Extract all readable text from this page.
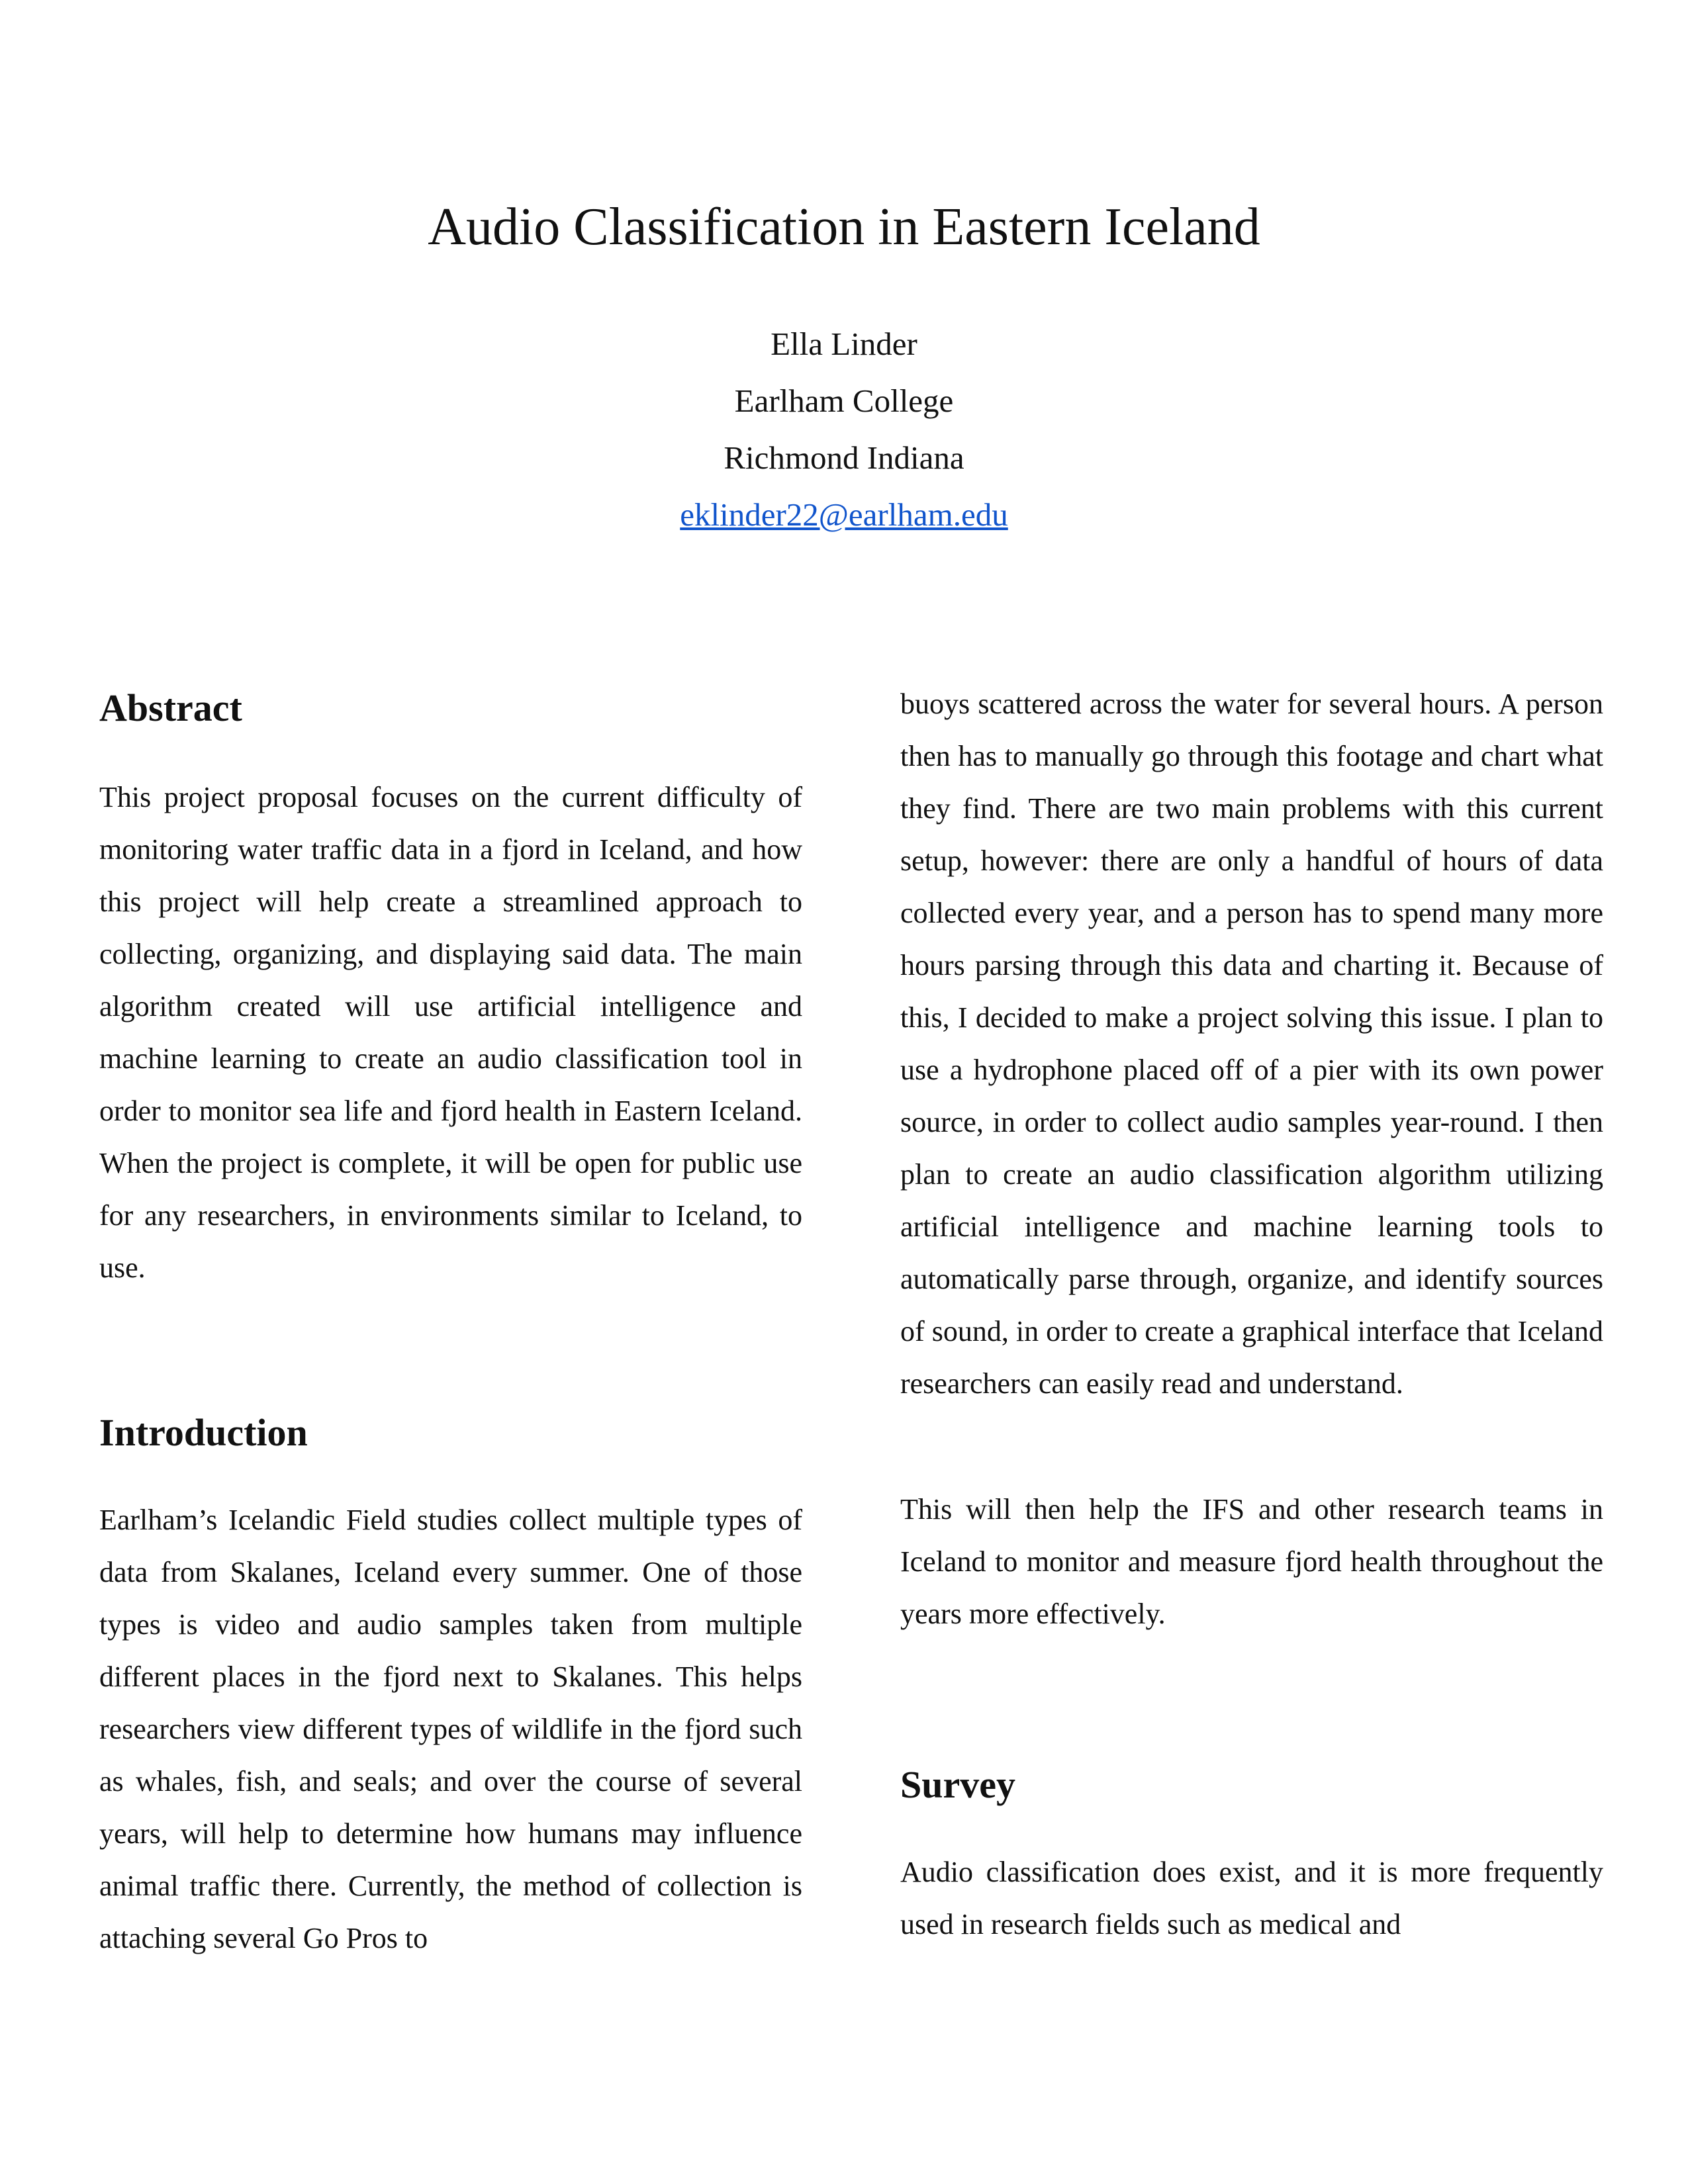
Audio Classification in Eastern Iceland

Ella Linder

Earlham College

Richmond Indiana

eklinder22@earlham.edu
Abstract

This project proposal focuses on the current difficulty of monitoring water traffic data in a fjord in Iceland, and how this project will help create a streamlined approach to collecting, organizing, and displaying said data. The main algorithm created will use artificial intelligence and machine learning to create an audio classification tool in order to monitor sea life and fjord health in Eastern Iceland. When the project is complete, it will be open for public use for any researchers, in environments similar to Iceland, to use.

Introduction

Earlham’s Icelandic Field studies collect multiple types of data from Skalanes, Iceland every summer. One of those types is video and audio samples taken from multiple different places in the fjord next to Skalanes. This helps researchers view different types of wildlife in the fjord such as whales, fish, and seals; and over the course of several years, will help to determine how humans may influence animal traffic there. Currently, the method of collection is attaching several Go Pros to

buoys scattered across the water for several hours. A person then has to manually go through this footage and chart what they find. There are two main problems with this current setup, however: there are only a handful of hours of data collected every year, and a person has to spend many more hours parsing through this data and charting it. Because of this, I decided to make a project solving this issue. I plan to use a hydrophone placed off of a pier with its own power source, in order to collect audio samples year-round. I then plan to create an audio classification algorithm utilizing artificial intelligence and machine learning tools to automatically parse through, organize, and identify sources of sound, in order to create a graphical interface that Iceland researchers can easily read and understand.

This will then help the IFS and other research teams in Iceland to monitor and measure fjord health throughout the years more effectively.

Survey

Audio classification does exist, and it is more frequently used in research fields such as medical and
